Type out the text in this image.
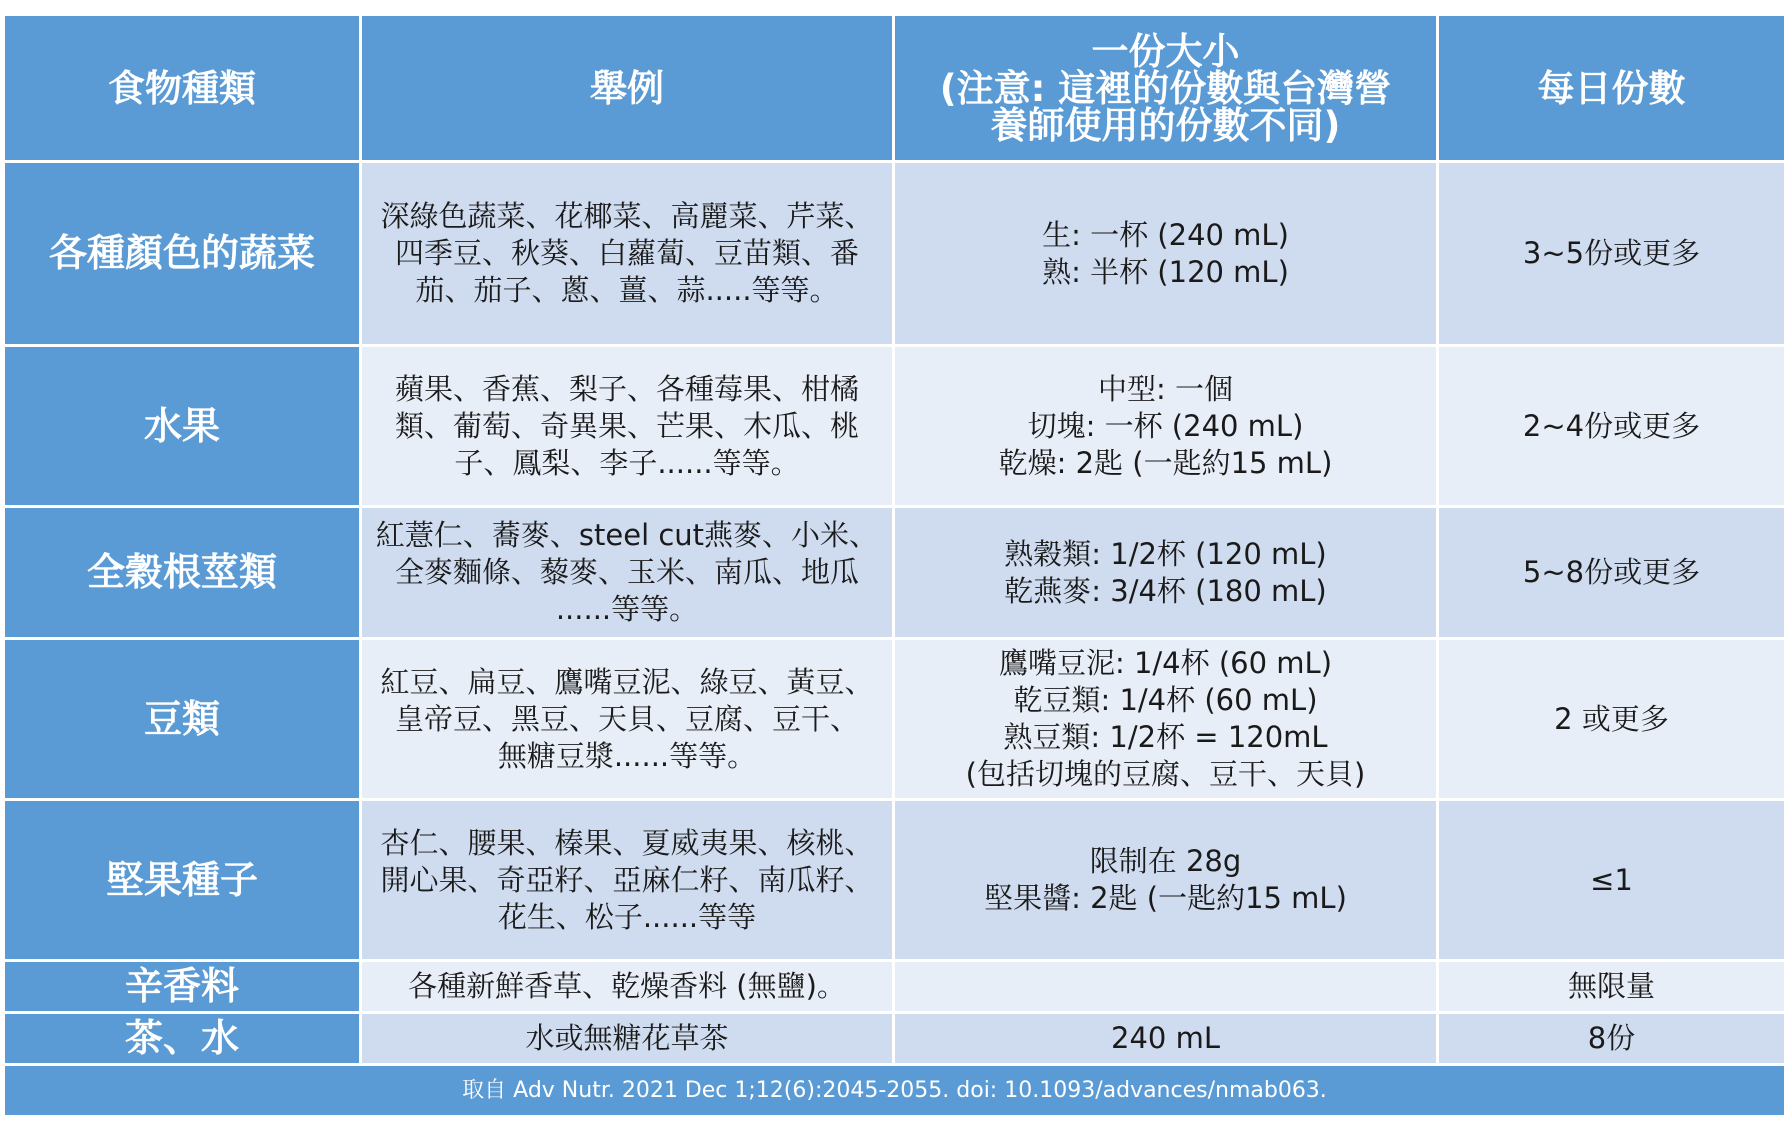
食物種類	舉例	一份大小
(注意: 這裡的份數與台灣營
養師使用的份數不同)	每日份數
各種顏色的蔬菜	深綠色蔬菜、花椰菜、高麗菜、芹菜、
四季豆、秋葵、白蘿蔔、豆苗類、番
茄、茄子、蔥、薑、蒜.....等等。	生: 一杯 (240 mL)
熟: 半杯 (120 mL)	3~5份或更多
水果	蘋果、香蕉、梨子、各種莓果、柑橘
類、葡萄、奇異果、芒果、木瓜、桃
子、鳳梨、李子......等等。	中型: 一個
切塊: 一杯 (240 mL)
乾燥: 2匙 (一匙約15 mL)	2~4份或更多
全穀根莖類	紅薏仁、蕎麥、steel cut燕麥、小米、
全麥麵條、藜麥、玉米、南瓜、地瓜
......等等。	熟穀類: 1/2杯 (120 mL)
乾燕麥: 3/4杯 (180 mL)	5~8份或更多
豆類	紅豆、扁豆、鷹嘴豆泥、綠豆、黃豆、
皇帝豆、黑豆、天貝、豆腐、豆干、
無糖豆漿......等等。	鷹嘴豆泥: 1/4杯 (60 mL)
乾豆類: 1/4杯 (60 mL)
熟豆類: 1/2杯 = 120mL
(包括切塊的豆腐、豆干、天貝)	2 或更多
堅果種子	杏仁、腰果、榛果、夏威夷果、核桃、
開心果、奇亞籽、亞麻仁籽、南瓜籽、
花生、松子......等等	限制在 28g
堅果醬: 2匙 (一匙約15 mL)	≤1
辛香料	各種新鮮香草、乾燥香料 (無鹽)。		無限量
茶、水	水或無糖花草茶	240 mL	8份
取自 Adv Nutr. 2021 Dec 1;12(6):2045-2055. doi: 10.1093/advances/nmab063.			
